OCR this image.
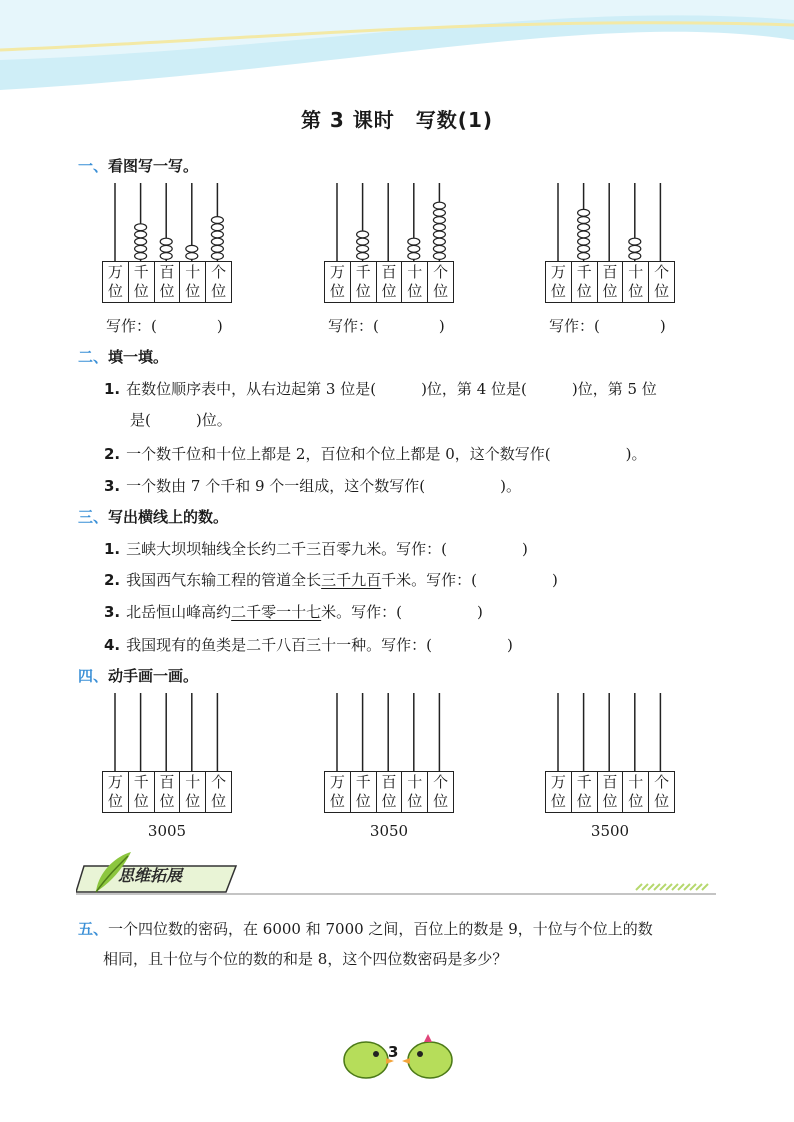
第 3 课时　写数(1)
一、看图写一写。
万
位
千
位
百
位
十
位
个
位
写作：(　　　　)
万
位
千
位
百
位
十
位
个
位
写作：(　　　　)
万
位
千
位
百
位
十
位
个
位
写作：(　　　　)
二、填一填。
1. 在数位顺序表中，从右边起第 3 位是(　　　)位，第 4 位是(　　　)位，第 5 位
是(　　　)位。
2. 一个数千位和十位上都是 2，百位和个位上都是 0，这个数写作(　　　　　)。
3. 一个数由 7 个千和 9 个一组成，这个数写作(　　　　　)。
三、写出横线上的数。
1. 三峡大坝坝轴线全长约二千三百零九米。写作：(　　　　　)
2. 我国西气东输工程的管道全长三千九百千米。写作：(　　　　　)
3. 北岳恒山峰高约二千零一十七米。写作：(　　　　　)
4. 我国现有的鱼类是二千八百三十一种。写作：(　　　　　)
四、动手画一画。
万
位
千
位
百
位
十
位
个
位
3005
万
位
千
位
百
位
十
位
个
位
3050
万
位
千
位
百
位
十
位
个
位
3500
思维拓展
五、一个四位数的密码，在 6000 和 7000 之间，百位上的数是 9，十位与个位上的数
相同，且十位与个位的数的和是 8，这个四位数密码是多少？
3
